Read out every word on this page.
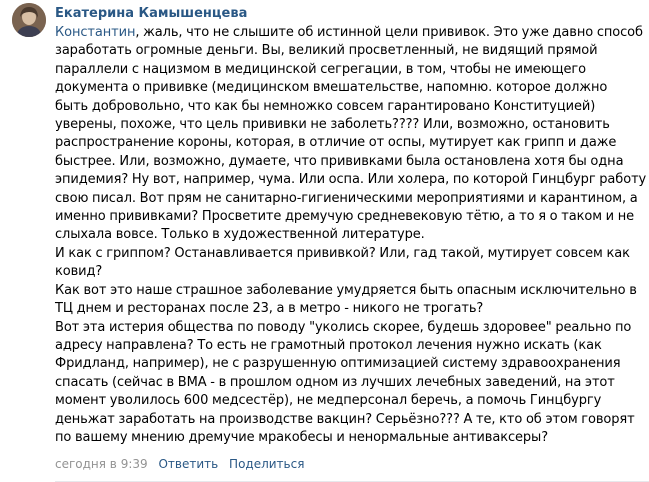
Екатерина Камышенцева

Константин, жаль, что не слышите об истинной цели прививок. Это уже давно способ
заработать огромные деньги. Вы, великий просветленный, не видящий прямой
параллели с нацизмом в медицинской сегрегации, в том, чтобы не имеющего
документа о прививке (медицинском вмешательстве, напомню. которое должно
быть добровольно, что как бы немножко совсем гарантировано Конституцией)
уверены, похоже, что цель прививки не заболеть???? Или, возможно, остановить
распространение короны, которая, в отличие от оспы, мутирует как грипп и даже
быстрее. Или, возможно, думаете, что прививками была остановлена хотя бы одна
эпидемия? Ну вот, например, чума. Или оспа. Или холера, по которой Гинцбург работу
свою писал. Вот прям не санитарно-гигиеническими мероприятиями и карантином, а
именно прививками? Просветите дремучую средневековую тётю, а то я о таком и не
слыхала вовсе. Только в художественной литературе.
И как с гриппом? Останавливается прививкой? Или, гад такой, мутирует совсем как
ковид?
Как вот это наше страшное заболевание умудряется быть опасным исключительно в
ТЦ днем и ресторанах после 23, а в метро - никого не трогать?
Вот эта истерия общества по поводу "уколись скорее, будешь здоровее" реально по
адресу направлена? То есть не грамотный протокол лечения нужно искать (как
Фридланд, например), не с разрушенную оптимизацией систему здравоохранения
спасать (сейчас в ВМА - в прошлом одном из лучших лечебных заведений, на этот
момент уволилось 600 медсестёр), не медперсонал беречь, а помочь Гинцбургу
деньжат заработать на производстве вакцин? Серьёзно??? А те, кто об этом говорят
по вашему мнению дремучие мракобесы и ненормальные антиваксеры?

сегодня в 9:39 Ответить Поделиться
